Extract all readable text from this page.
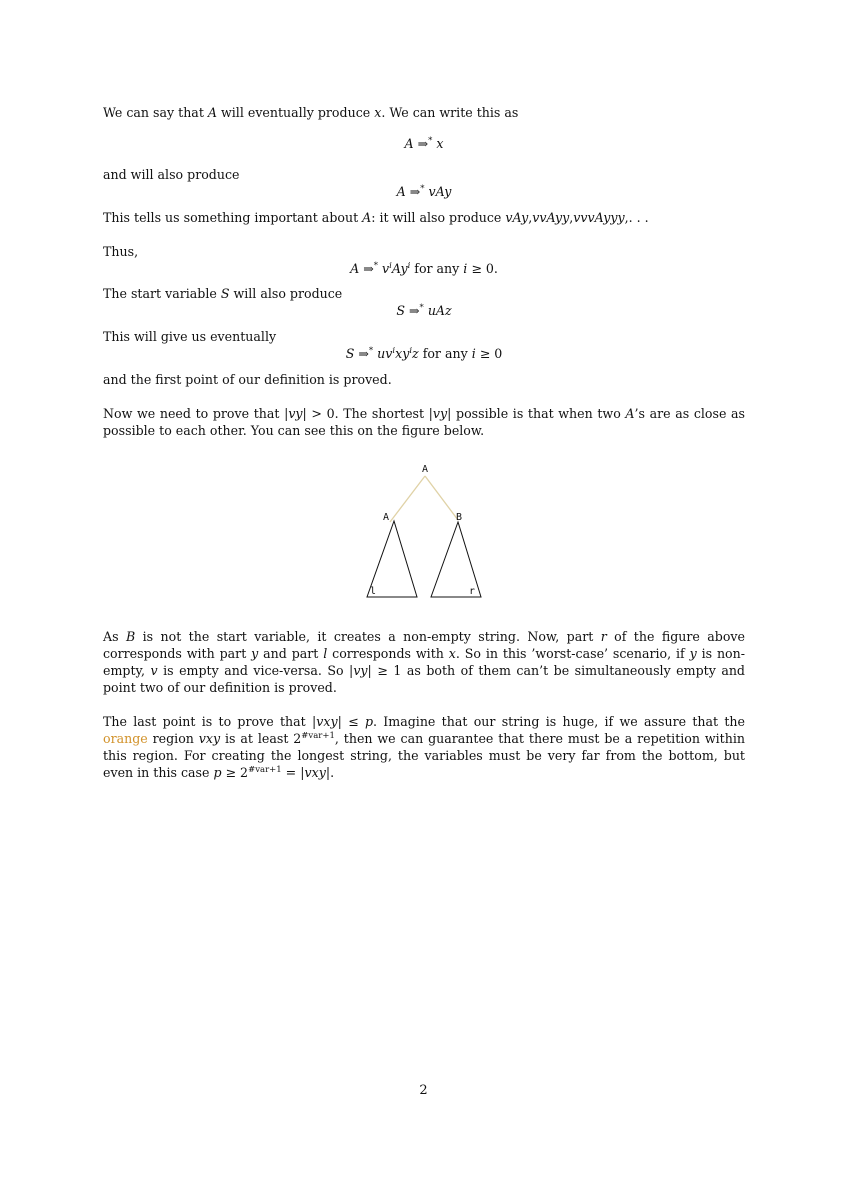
We can say that A will eventually produce x. We can write this as
A ⇒* x
and will also produce
A ⇒* vAy
This tells us something important about A: it will also produce vAy,vvAyy,vvvAyyy,. . .
Thus,
A ⇒* $v^iAy^i$ for any i ≥ 0.
The start variable S will also produce
S ⇒* uAz
This will give us eventually
S ⇒* $uv^ixy^iz$ for any i ≥ 0
and the first point of our definition is proved.
Now we need to prove that |vy| > 0. The shortest |vy| possible is that when two A’s are as close as possible to each other. You can see this on the figure below.
A
A	B
l	r
As B is not the start variable, it creates a non-empty string. Now, part r of the figure above corresponds with part y and part l corresponds with x. So in this ’worst-case’ scenario, if y is non-empty, v is empty and vice-versa. So |vy| ≥ 1 as both of them can’t be simultaneously empty and point two of our definition is proved.
The last point is to prove that |vxy| ≤ p. Imagine that our string is huge, if we assure that the orange region vxy is at least $2^{\#var+1}$, then we can guarantee that there must be a repetition within this region. For creating the longest string, the variables must be very far from the bottom, but even in this case $p \ge 2^{\#var+1} = |vxy|$.
2
